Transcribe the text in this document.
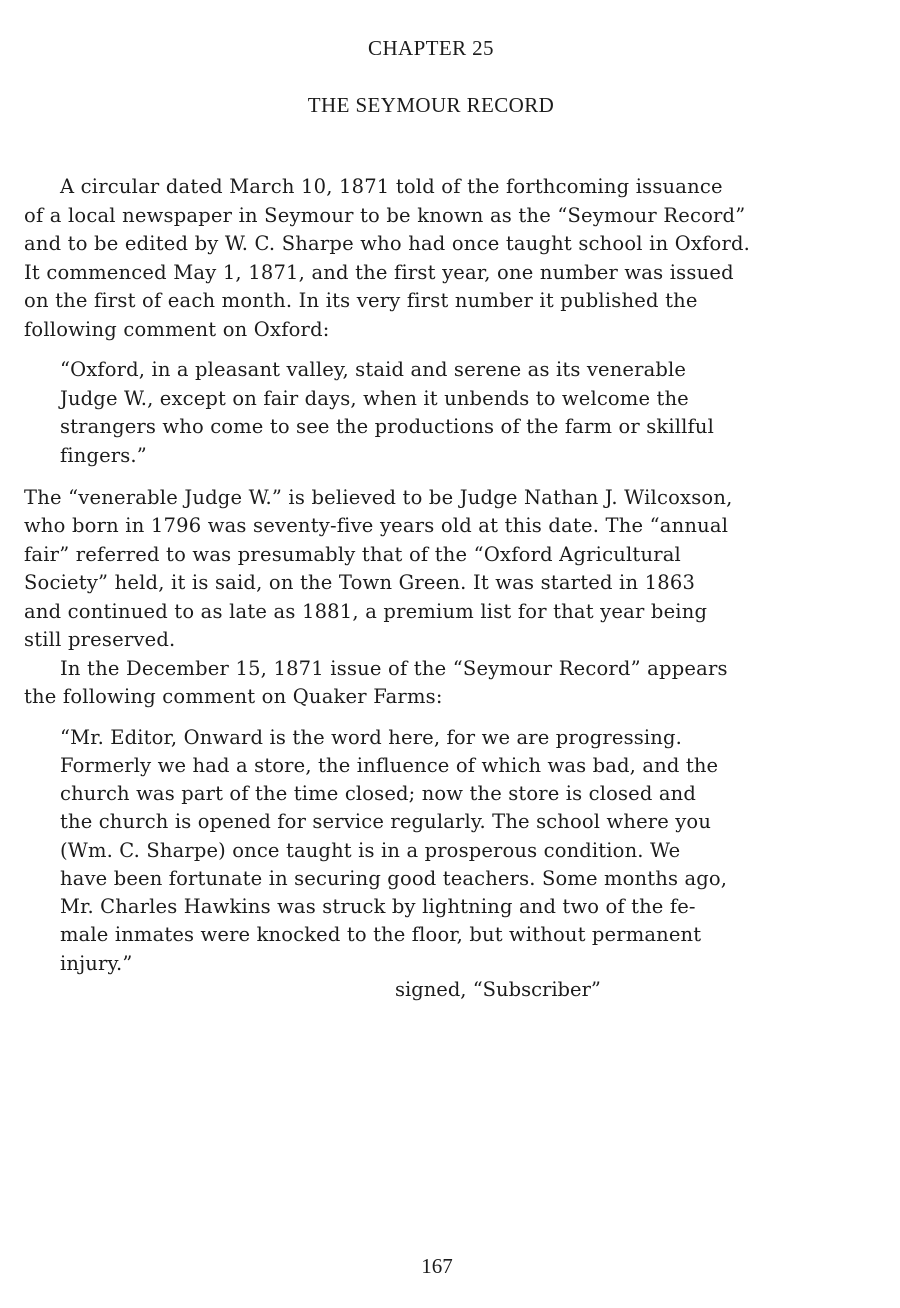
CHAPTER 25
THE SEYMOUR RECORD
A circular dated March 10, 1871 told of the forthcoming issuance
of a local newspaper in Seymour to be known as the “Seymour Record”
and to be edited by W. C. Sharpe who had once taught school in Oxford.
It commenced May 1, 1871, and the first year, one number was issued
on the first of each month. In its very first number it published the
following comment on Oxford:
“Oxford, in a pleasant valley, staid and serene as its venerable
Judge W., except on fair days, when it unbends to welcome the
strangers who come to see the productions of the farm or skillful
fingers.”
The “venerable Judge W.” is believed to be Judge Nathan J. Wilcoxson,
who born in 1796 was seventy-five years old at this date. The “annual
fair” referred to was presumably that of the “Oxford Agricultural
Society” held, it is said, on the Town Green. It was started in 1863
and continued to as late as 1881, a premium list for that year being
still preserved.
In the December 15, 1871 issue of the “Seymour Record” appears
the following comment on Quaker Farms:
“Mr. Editor, Onward is the word here, for we are progressing.
Formerly we had a store, the influence of which was bad, and the
church was part of the time closed; now the store is closed and
the church is opened for service regularly. The school where you
(Wm. C. Sharpe) once taught is in a prosperous condition. We
have been fortunate in securing good teachers. Some months ago,
Mr. Charles Hawkins was struck by lightning and two of the fe-
male inmates were knocked to the floor, but without permanent
injury.”
signed, “Subscriber”
167
